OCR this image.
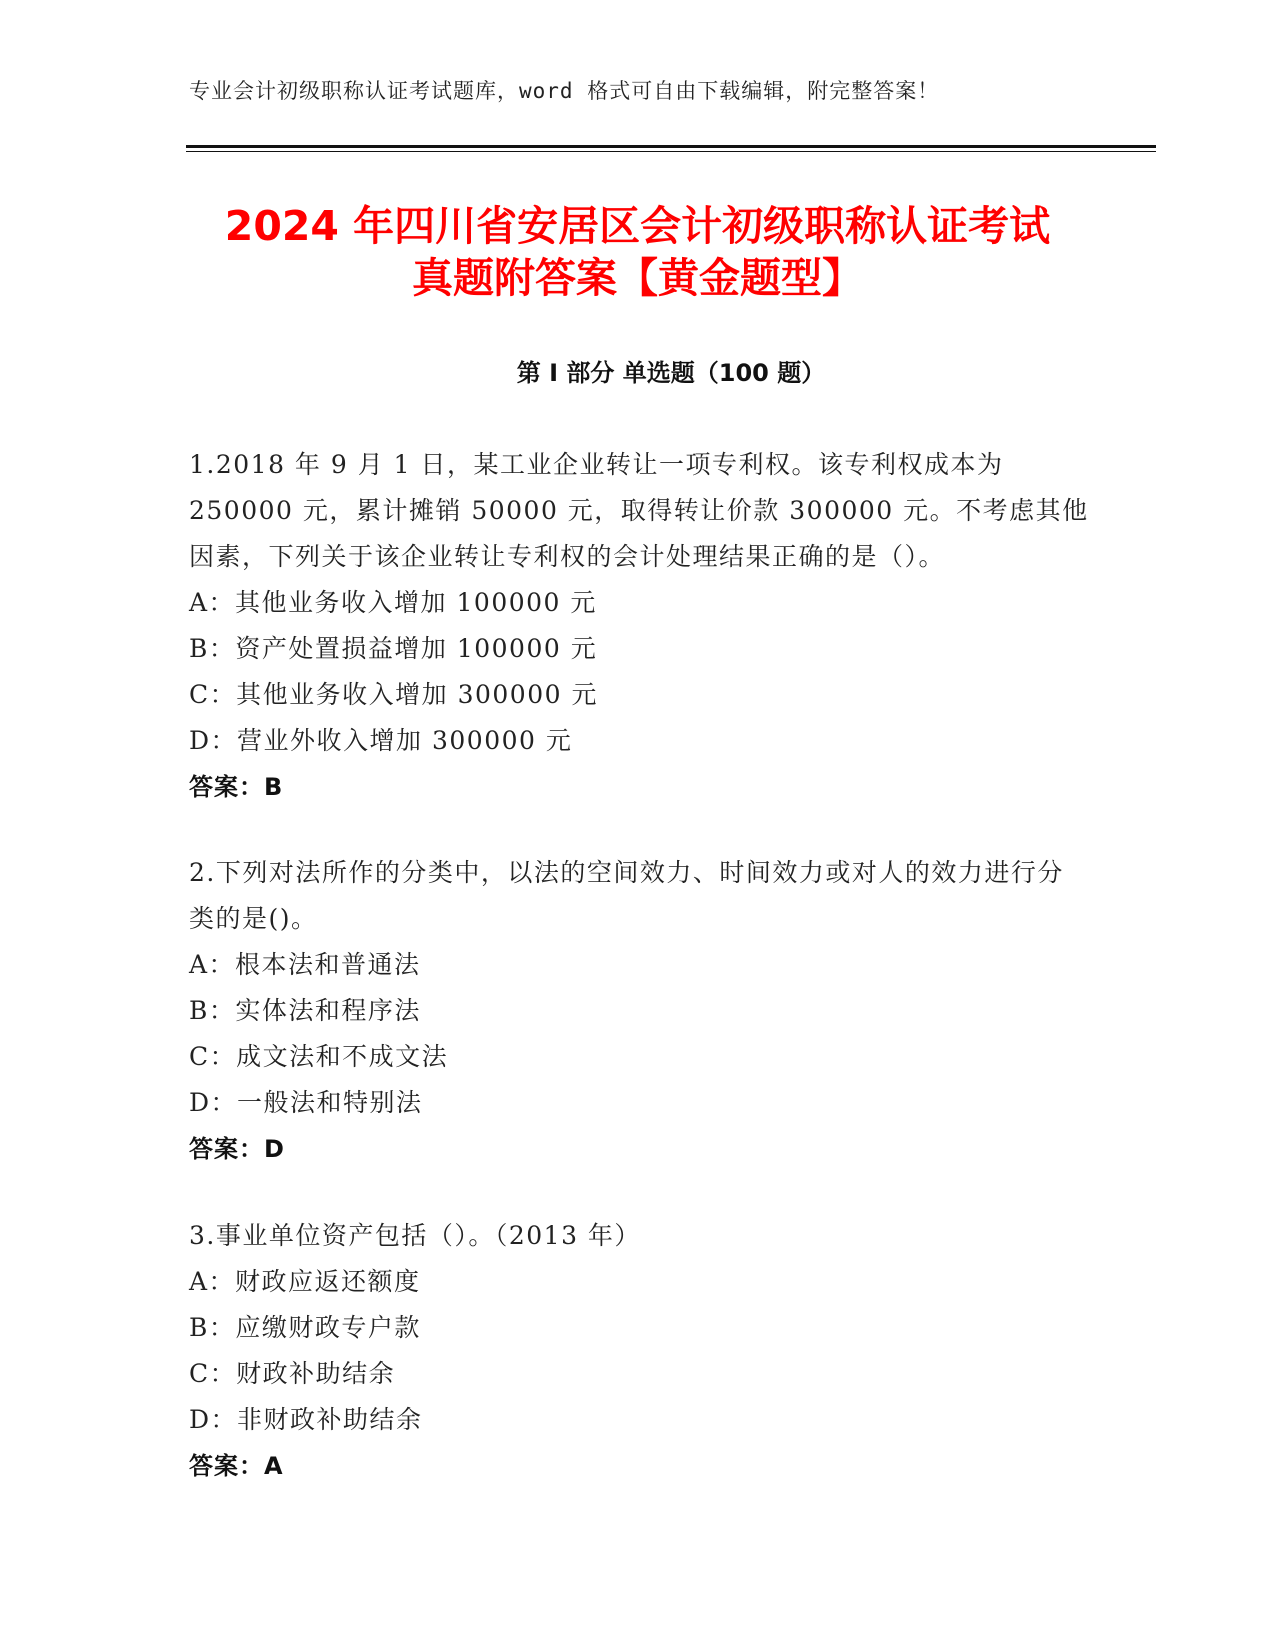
专业会计初级职称认证考试题库，word 格式可自由下载编辑，附完整答案！
2024 年四川省安居区会计初级职称认证考试
真题附答案【黄金题型】
第 I 部分 单选题（100 题）

1.2018 年 9 月 1 日，某工业企业转让一项专利权。该专利权成本为 250000 元，累计摊销 50000 元，取得转让价款 300000 元。不考虑其他因素，下列关于该企业转让专利权的会计处理结果正确的是（）。

A：其他业务收入增加 100000 元

B：资产处置损益增加 100000 元

C：其他业务收入增加 300000 元

D：营业外收入增加 300000 元

答案：B

2.下列对法所作的分类中，以法的空间效力、时间效力或对人的效力进行分类的是()。

A：根本法和普通法

B：实体法和程序法

C：成文法和不成文法

D：一般法和特别法

答案：D

3.事业单位资产包括（）。（2013 年）

A：财政应返还额度

B：应缴财政专户款

C：财政补助结余

D：非财政补助结余

答案：A
